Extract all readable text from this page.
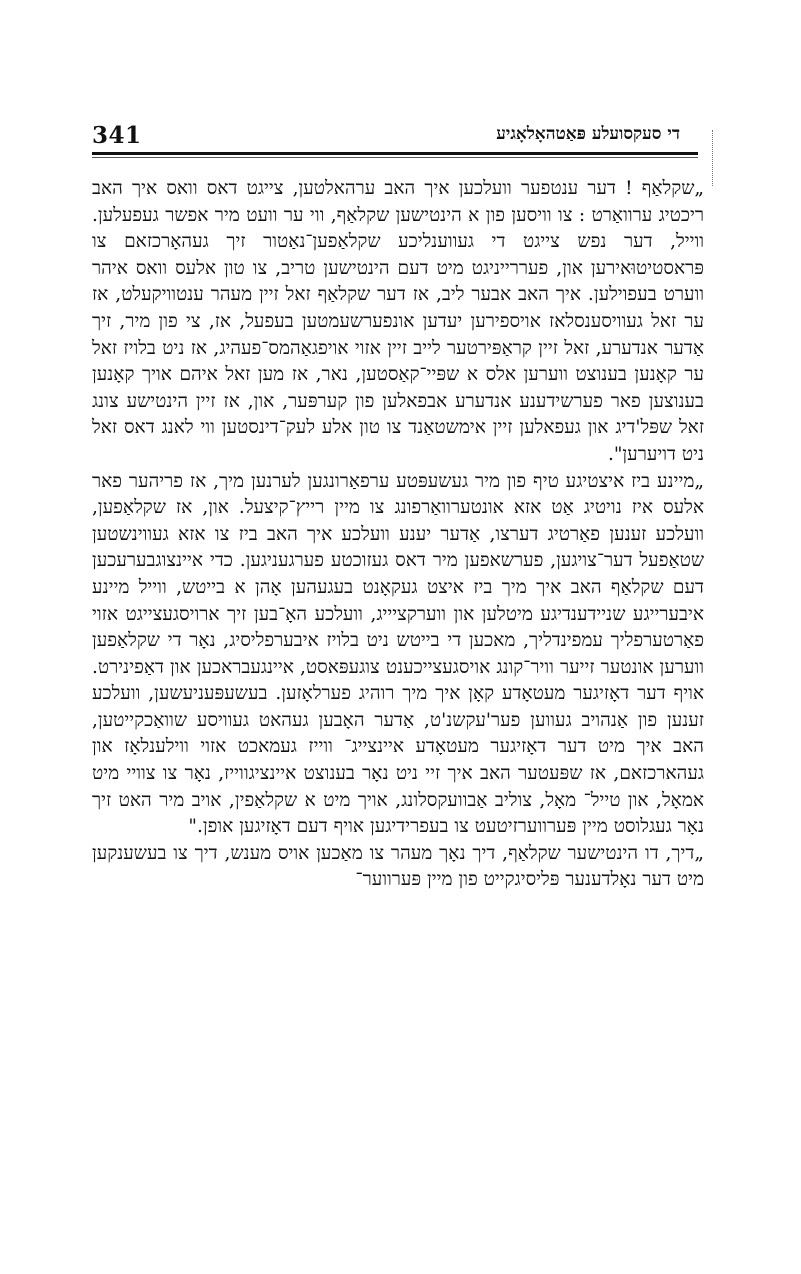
341	די סעקסועלע פּאַטהאָלאָגיע

„שקלאַף ! דער ענטפער וועלכען איך האב ערהאלטען, צייגט דאס וואס איך האב ריכטיג ערוואַרט : צו וויסען פון א הינטישען שקלאַף, ווי ער וועט מיר אפשר געפעלען. ווייל, דער נפש צייגט די געווענליכע שקלאַפען־נאַטור זיך געהאָרכזאם צו פּראסטיטוּאירען און, פעררייניגט מיט דעם הינטישען טריב, צו טון אלעס וואס איהר ווערט בעפוילען. איך האב אבער ליב, אז דער שקלאַף זאל זיין מעהר ענטוויקעלט, אז ער זאל געוויסענסלאז אויספירען יעדען אונפערשעמטען בעפעל, אז, צי פון מיר, זיך אַדער אנדערע, זאל זיין קראַפּירטער לייב זיין אזוי אויפגאַהמס־פעהיג, אז ניט בלויז זאל ער קאָנען בענוצט ווערען אלס א שפּיי־קאַסטען, נאר, אז מען זאל איהם אויך קאָנען בענוצען פאר פערשידענע אנדערע אבפאלען פון קערפּער, און, אז זיין הינטישע צונג זאל שפּל'דיג און געפאלען זיין אימשטאַנד צו טון אלע לעק־דינסטען ווי לאנג דאס זאל ניט דויערען".

„מיינע ביז איצטיגע טיף פון מיר געשעפּטע ערפאַרונגען לערנען מיך, אז פריהער פאר אלעס איז נויטיג אַט אזא אונטערוואַרפונג צו מיין רייץ־קיצעל. און, אז שקלאַפען, וועלכע זענען פאַרטיג דערצו, אַדער יענע וועלכע איך האב ביז צו אזא געווינשטען שטאַפעל דער־צויגען, פערשאפען מיר דאס געזוכטע פערגעניגען. כדי איינצוגבערעכען דעם שקלאַף האב איך מיך ביז איצט געקאָנט בעגעהען אָהן א בייטש, ווייל מיינע איבערייגע שניידענדיגע מיטלען און ווערקציייג, וועלכע האָ־בען זיך ארויסגעצייגט אזוי פאַרטערפליך עמפינדליך, מאכען די בייטש ניט בלויז איבערפליסיג, נאָר די שקלאַפען ווערען אונטער זייער וויר־קונג אויסגעצייכענט צוגעפּאסט, איינגעבראכען און דאַפינירט. אויף דער דאָזיגער מעטאָדע קאָן איך מיך רוהיג פערלאָזען. בעשעפּעניעשען, וועלכע זענען פון אַנהויב געווען פער'עקשנ'ט, אַדער האָבען געהאט געוויסע שוואַכקייטען, האב איך מיט דער דאָזיגער מעטאָדע איינצייג־ ווייז געמאכט אזוי ווילענלאָז און געהארכזאם, אז שפּעטער האב איך זיי ניט נאָר בענוצט איינציגווייז, נאָר צו צוויי מיט אמאָל, און טייל־ מאָל, צוליב אַבוועקסלונג, אויך מיט א שקלאַפין, אויב מיר האט זיך נאָר געגלוסט מיין פּערווערזיטעט צו בעפרידיגען אויף דעם דאָזיגען אופן."

„דיך, דו הינטישער שקלאַף, דיך נאָך מעהר צו מאַכען אויס מענש, דיך צו בעשענקען מיט דער נאָלדענער פּליסיגקייט פון מיין פּערווער־
